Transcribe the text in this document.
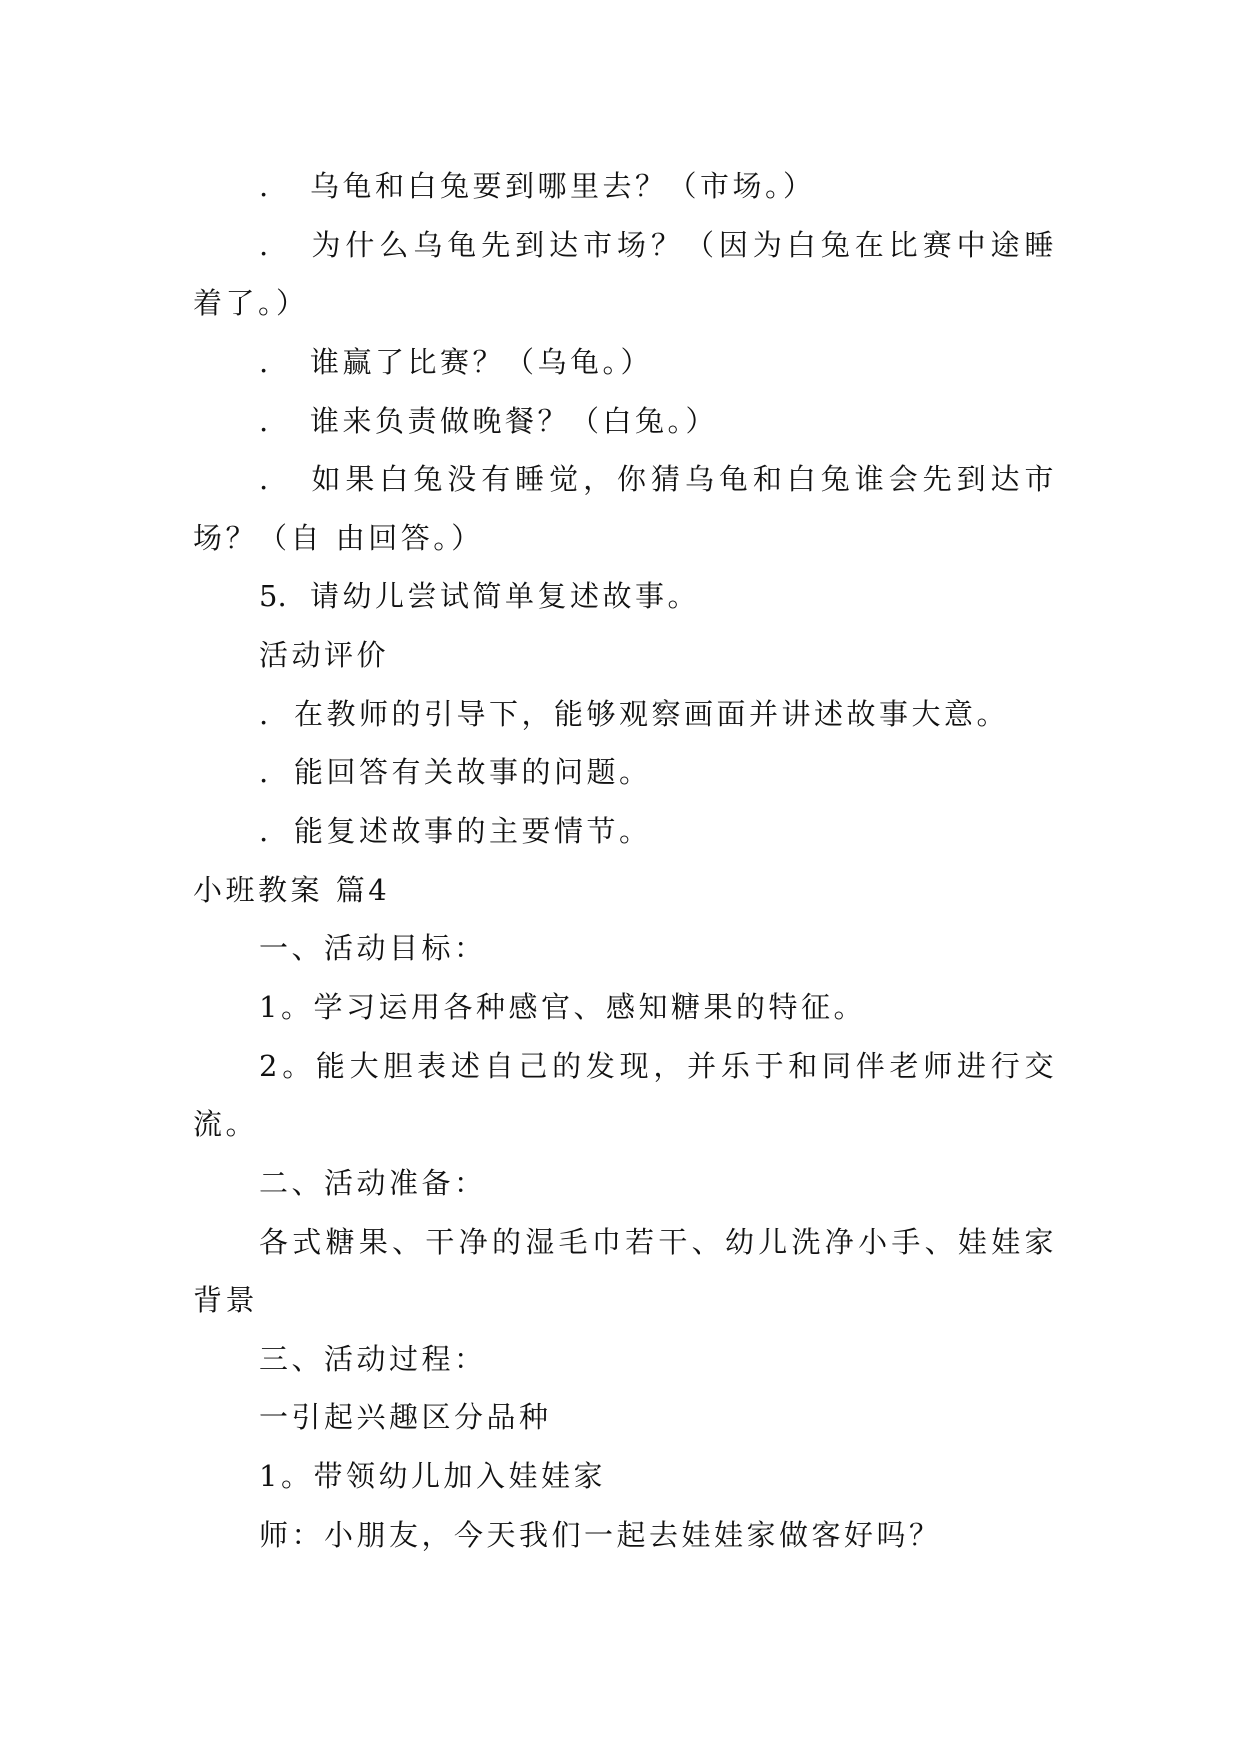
. 乌龟和白兔要到哪里去？（市场。）
. 为什么乌龟先到达市场？（因为白兔在比赛中途睡
着了。）
. 谁赢了比赛？（乌龟。）
. 谁来负责做晚餐？（白兔。）
. 如果白兔没有睡觉，你猜乌龟和白兔谁会先到达市
场？（自 由回答。）
5. 请幼儿尝试简单复述故事。
活动评价
. 在教师的引导下，能够观察画面并讲述故事大意。
. 能回答有关故事的问题。
. 能复述故事的主要情节。
小班教案 篇4
一、活动目标：
1。学习运用各种感官、感知糖果的特征。
2。能大胆表述自己的发现，并乐于和同伴老师进行交
流。
二、活动准备：
各式糖果、干净的湿毛巾若干、幼儿洗净小手、娃娃家
背景
三、活动过程：
一引起兴趣区分品种
1。带领幼儿加入娃娃家
师：小朋友，今天我们一起去娃娃家做客好吗？
